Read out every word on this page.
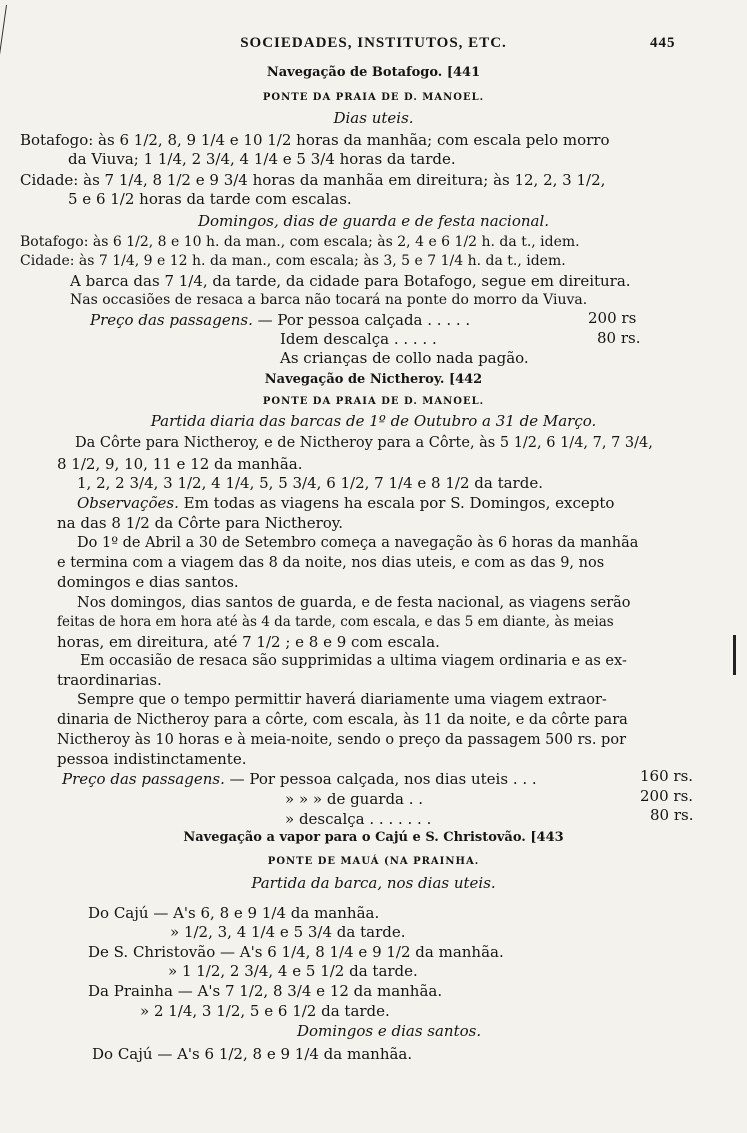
SOCIEDADES, INSTITUTOS, ETC.	445
Navegação de Botafogo. [441
PONTE DA PRAIA DE D. MANOEL.
Dias uteis.
Botafogo: às 6 1/2, 8, 9 1/4 e 10 1/2 horas da manhãa; com escala pelo morro
da Viuva; 1 1/4, 2 3/4, 4 1/4 e 5 3/4 horas da tarde.
Cidade: às 7 1/4, 8 1/2 e 9 3/4 horas da manhãa em direitura; às 12, 2, 3 1/2,
5 e 6 1/2 horas da tarde com escalas.
Domingos, dias de guarda e de festa nacional.
Botafogo: às 6 1/2, 8 e 10 h. da man., com escala; às 2, 4 e 6 1/2 h. da t., idem.
Cidade: às 7 1/4, 9 e 12 h. da man., com escala; às 3, 5 e 7 1/4 h. da t., idem.
A barca das 7 1/4, da tarde, da cidade para Botafogo, segue em direitura.
Nas occasiões de resaca a barca não tocará na ponte do morro da Viuva.
Preço das passagens. — Por pessoa calçada . . . . .	200 rs
Idem descalça . . . . .	80 rs.
As crianças de collo nada pagão.
Navegação de Nictheroy. [442
PONTE DA PRAIA DE D. MANOEL.
Partida diaria das barcas de 1º de Outubro a 31 de Março.
Da Côrte para Nictheroy, e de Nictheroy para a Côrte, às 5 1/2, 6 1/4, 7, 7 3/4,
8 1/2, 9, 10, 11 e 12 da manhãa.
1, 2, 2 3/4, 3 1/2, 4 1/4, 5, 5 3/4, 6 1/2, 7 1/4 e 8 1/2 da tarde.
Observações. Em todas as viagens ha escala por S. Domingos, excepto
na das 8 1/2 da Côrte para Nictheroy.
Do 1º de Abril a 30 de Setembro começa a navegação às 6 horas da manhãa
e termina com a viagem das 8 da noite, nos dias uteis, e com as das 9, nos
domingos e dias santos.
Nos domingos, dias santos de guarda, e de festa nacional, as viagens serão
feitas de hora em hora até às 4 da tarde, com escala, e das 5 em diante, às meias
horas, em direitura, até 7 1/2 ; e 8 e 9 com escala.
Em occasião de resaca são supprimidas a ultima viagem ordinaria e as ex-
traordinarias.
Sempre que o tempo permittir haverá diariamente uma viagem extraor-
dinaria de Nictheroy para a côrte, com escala, às 11 da noite, e da côrte para
Nictheroy às 10 horas e à meia-noite, sendo o preço da passagem 500 rs. por
pessoa indistinctamente.
Preço das passagens. — Por pessoa calçada, nos dias uteis . . .	160 rs.
» » » de guarda . .	200 rs.
» descalça . . . . . . .	80 rs.
Navegação a vapor para o Cajú e S. Christovão. [443
PONTE DE MAUÁ (NA PRAINHA.
Partida da barca, nos dias uteis.
Do Cajú — A's 6, 8 e 9 1/4 da manhãa.
» 1/2, 3, 4 1/4 e 5 3/4 da tarde.
De S. Christovão — A's 6 1/4, 8 1/4 e 9 1/2 da manhãa.
» 1 1/2, 2 3/4, 4 e 5 1/2 da tarde.
Da Prainha — A's 7 1/2, 8 3/4 e 12 da manhãa.
» 2 1/4, 3 1/2, 5 e 6 1/2 da tarde.
Domingos e dias santos.
Do Cajú — A's 6 1/2, 8 e 9 1/4 da manhãa.
